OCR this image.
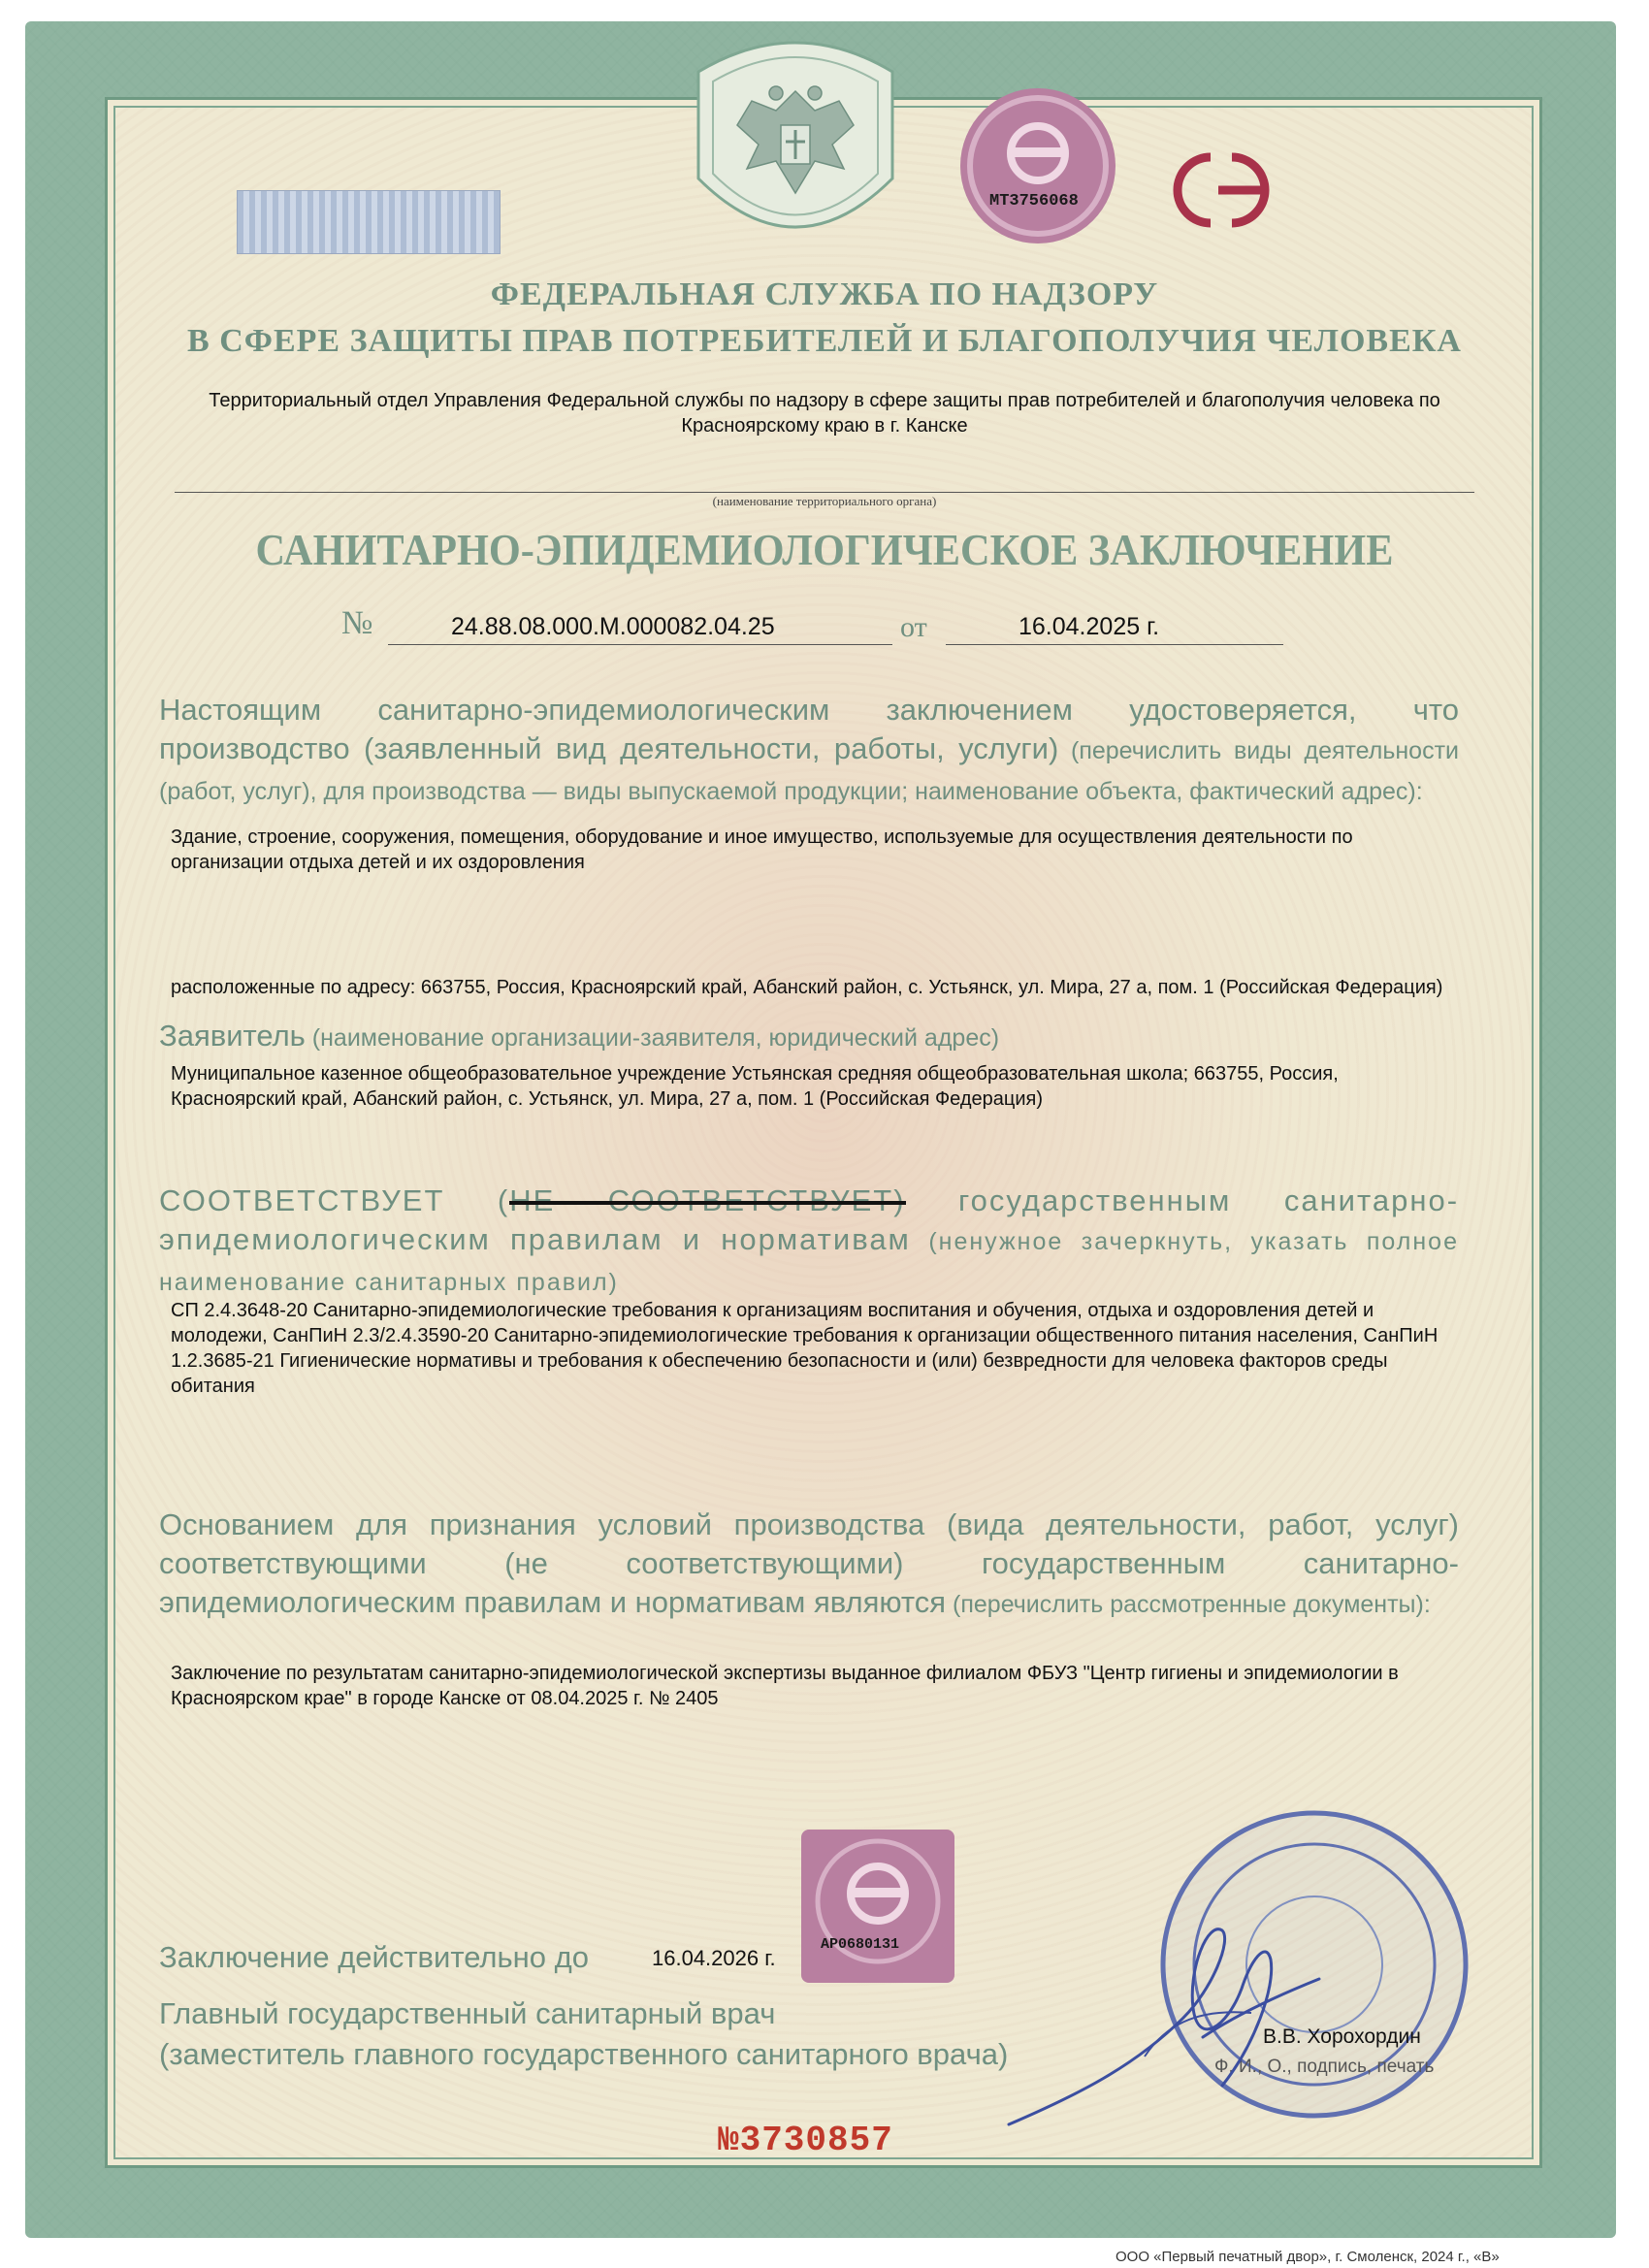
МТ3756068
ФЕДЕРАЛЬНАЯ СЛУЖБА ПО НАДЗОРУ
В СФЕРЕ ЗАЩИТЫ ПРАВ ПОТРЕБИТЕЛЕЙ И БЛАГОПОЛУЧИЯ ЧЕЛОВЕКА
Территориальный отдел Управления Федеральной службы по надзору в сфере защиты прав потребителей и благополучия человека по Красноярскому краю в г. Канске
(наименование территориального органа)
САНИТАРНО-ЭПИДЕМИОЛОГИЧЕСКОЕ ЗАКЛЮЧЕНИЕ
№	24.88.08.000.М.000082.04.25	от	16.04.2025 г.
Настоящим санитарно-эпидемиологическим заключением удостоверяется, что производство (заявленный вид деятельности, работы, услуги) (перечислить виды деятельности (работ, услуг), для производства — виды выпускаемой продукции; наименование объекта, фактический адрес):
Здание, строение, сооружения, помещения, оборудование и иное имущество, используемые для осуществления деятельности по организации отдыха детей и их оздоровления
расположенные по адресу: 663755, Россия, Красноярский край, Абанский район, с. Устьянск, ул. Мира, 27 а, пом. 1 (Российская Федерация)
Заявитель (наименование организации-заявителя, юридический адрес)
Муниципальное казенное общеобразовательное учреждение Устьянская средняя общеобразовательная школа; 663755, Россия, Красноярский край, Абанский район, с. Устьянск, ул. Мира, 27 а, пом. 1 (Российская Федерация)
СООТВЕТСТВУЕТ (НЕ СООТВЕТСТВУЕТ) государственным санитарно-эпидемиологическим правилам и нормативам (ненужное зачеркнуть, указать полное наименование санитарных правил)
СП 2.4.3648-20 Санитарно-эпидемиологические требования к организациям воспитания и обучения, отдыха и оздоровления детей и молодежи, СанПиН 2.3/2.4.3590-20 Санитарно-эпидемиологические требования к организации общественного питания населения, СанПиН 1.2.3685-21 Гигиенические нормативы и требования к обеспечению безопасности и (или) безвредности для человека факторов среды обитания
Основанием для признания условий производства (вида деятельности, работ, услуг) соответствующими (не соответствующими) государственным санитарно-эпидемиологическим правилам и нормативам являются (перечислить рассмотренные документы):
Заключение по результатам санитарно-эпидемиологической экспертизы выданное филиалом ФБУЗ "Центр гигиены и эпидемиологии в Красноярском крае" в городе Канске от 08.04.2025 г. № 2405
АР0680131
Заключение действительно до	16.04.2026 г.
Главный государственный санитарный врач
(заместитель главного государственного санитарного врача)
В.В. Хорохордин
Ф. И., О., подпись, печать
№3730857
ООО «Первый печатный двор», г. Смоленск, 2024 г., «В»
